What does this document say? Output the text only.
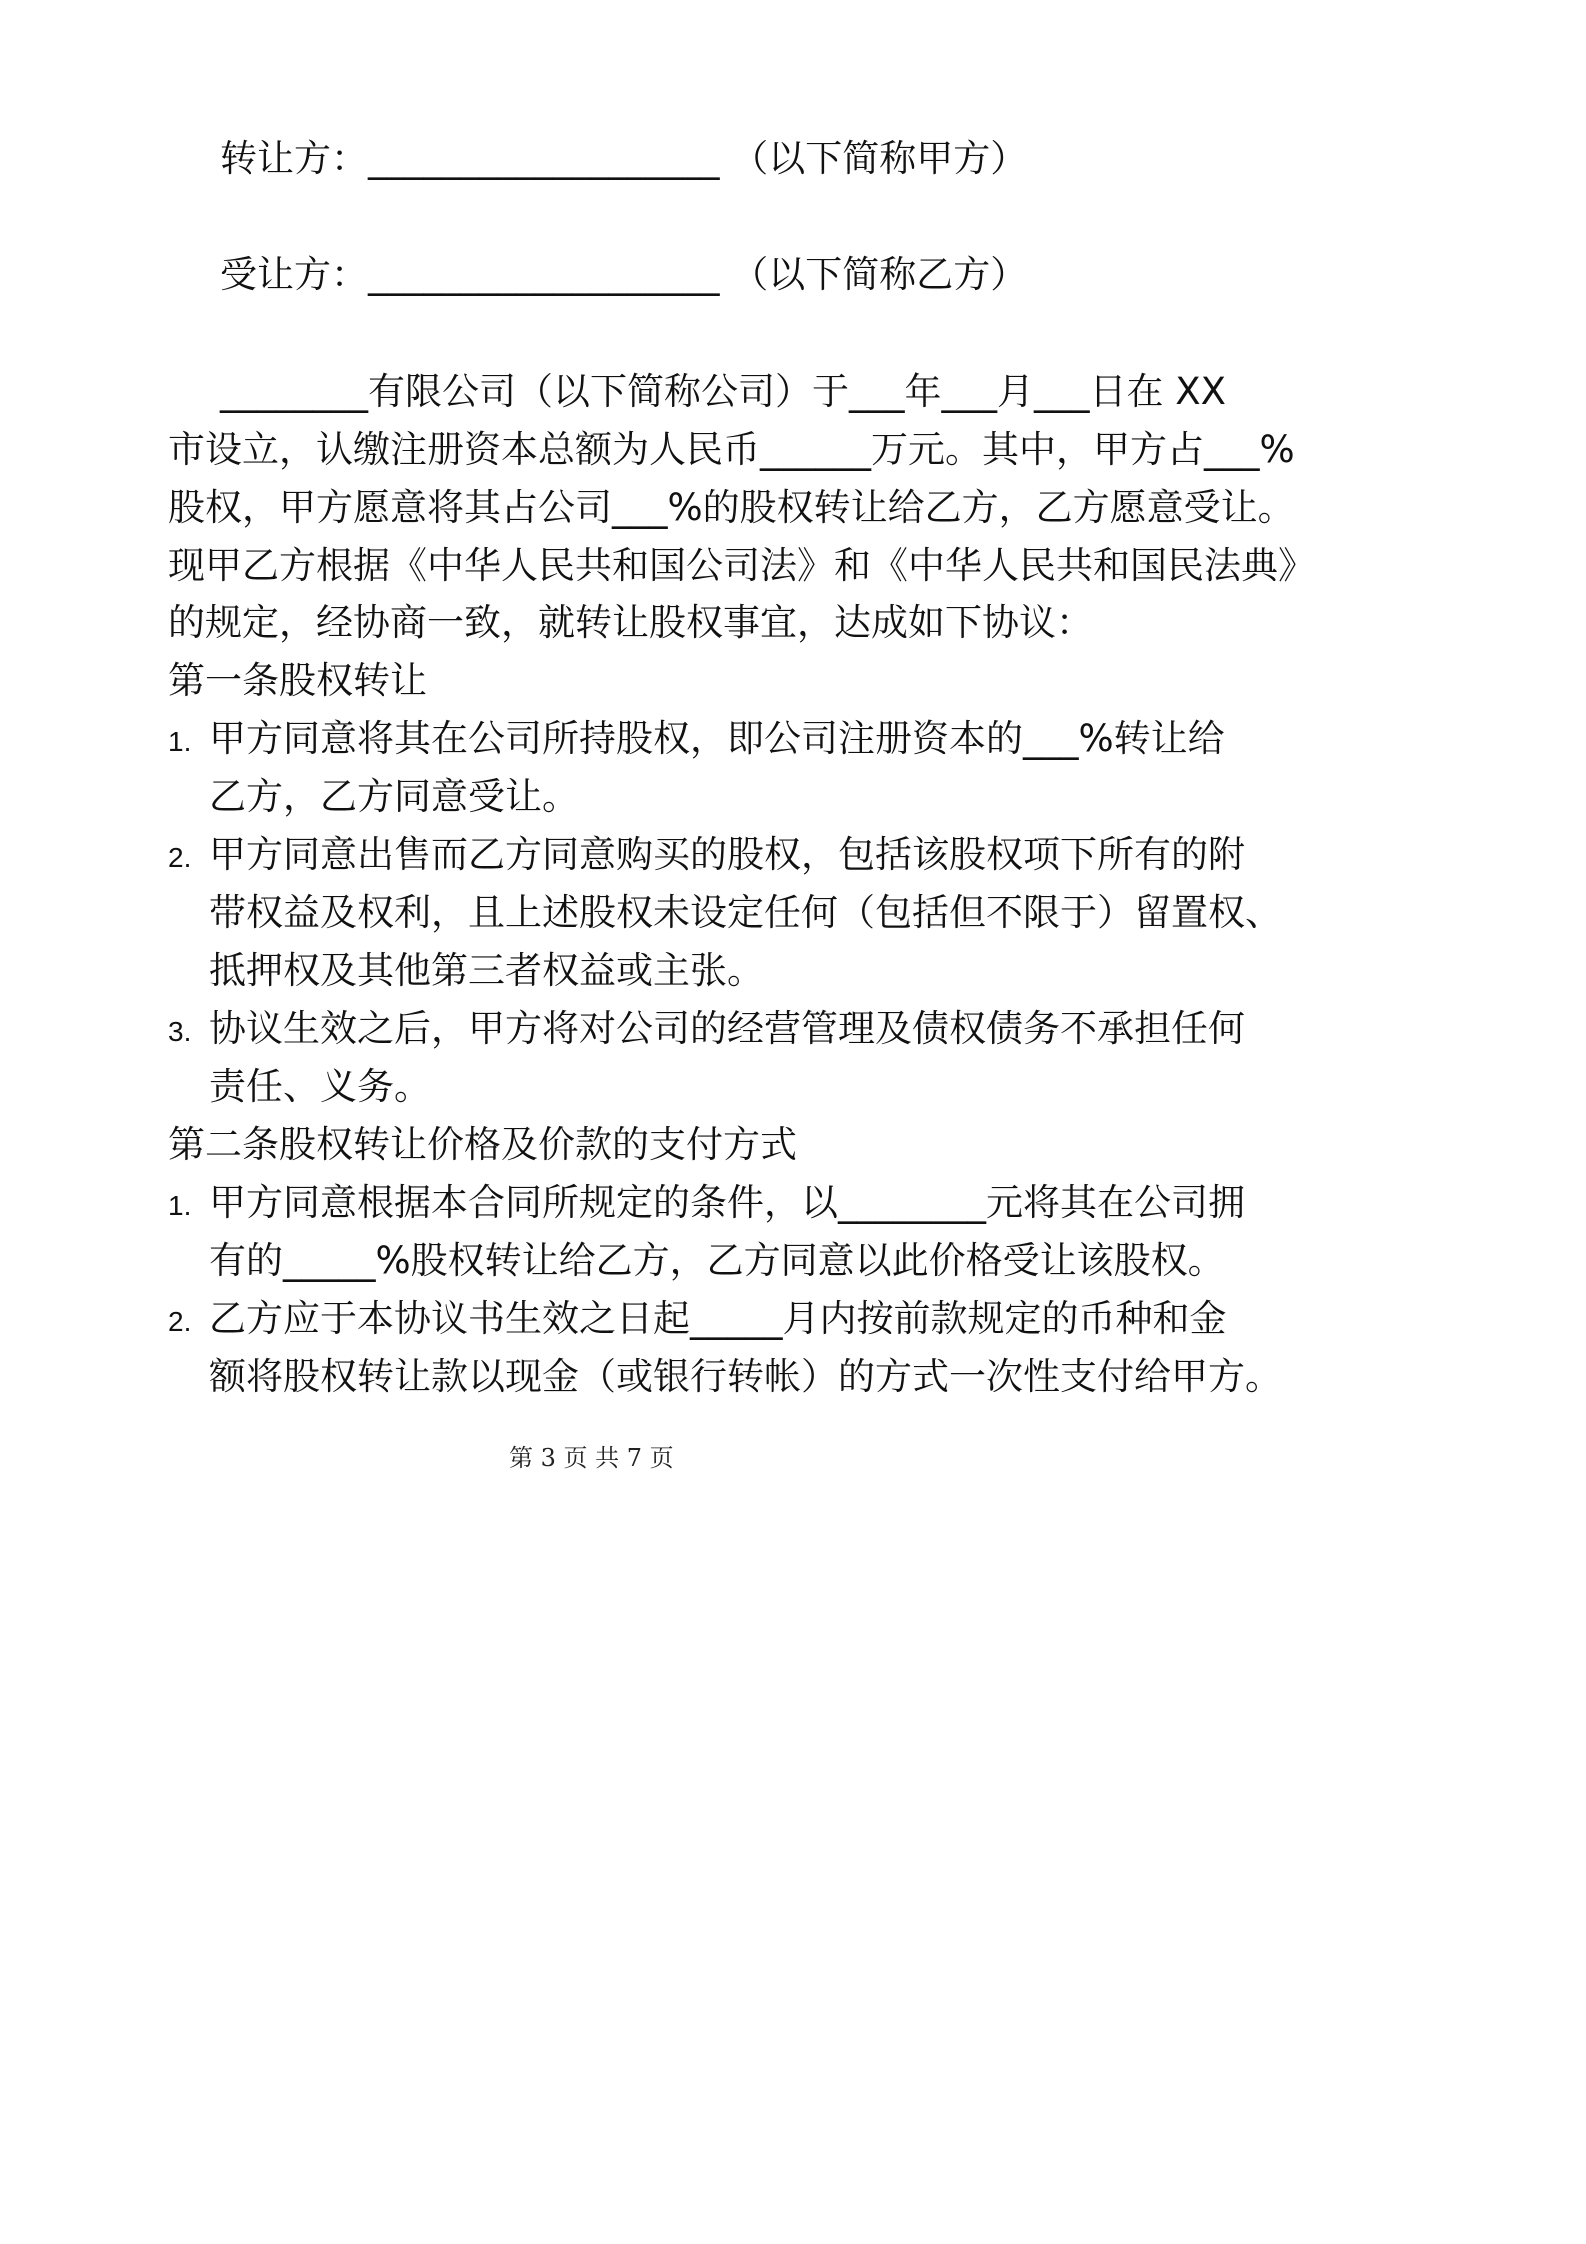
转让方：___________________ （以下简称甲方）
受让方：___________________ （以下简称乙方）
________有限公司（以下简称公司）于___年___月___日在 XX
市设立，认缴注册资本总额为人民币______万元。其中，甲方占___%
股权，甲方愿意将其占公司___%的股权转让给乙方，乙方愿意受让。
现甲乙方根据《中华人民共和国公司法》和《中华人民共和国民法典》
的规定，经协商一致，就转让股权事宜，达成如下协议：
第一条股权转让
1. 甲方同意将其在公司所持股权，即公司注册资本的___%转让给
乙方，乙方同意受让。
2. 甲方同意出售而乙方同意购买的股权，包括该股权项下所有的附
带权益及权利，且上述股权未设定任何（包括但不限于）留置权、
抵押权及其他第三者权益或主张。
3. 协议生效之后，甲方将对公司的经营管理及债权债务不承担任何
责任、义务。
第二条股权转让价格及价款的支付方式
1. 甲方同意根据本合同所规定的条件，以________元将其在公司拥
有的_____%股权转让给乙方，乙方同意以此价格受让该股权。
2. 乙方应于本协议书生效之日起_____月内按前款规定的币种和金
额将股权转让款以现金（或银行转帐）的方式一次性支付给甲方。
第 3 页 共 7 页
